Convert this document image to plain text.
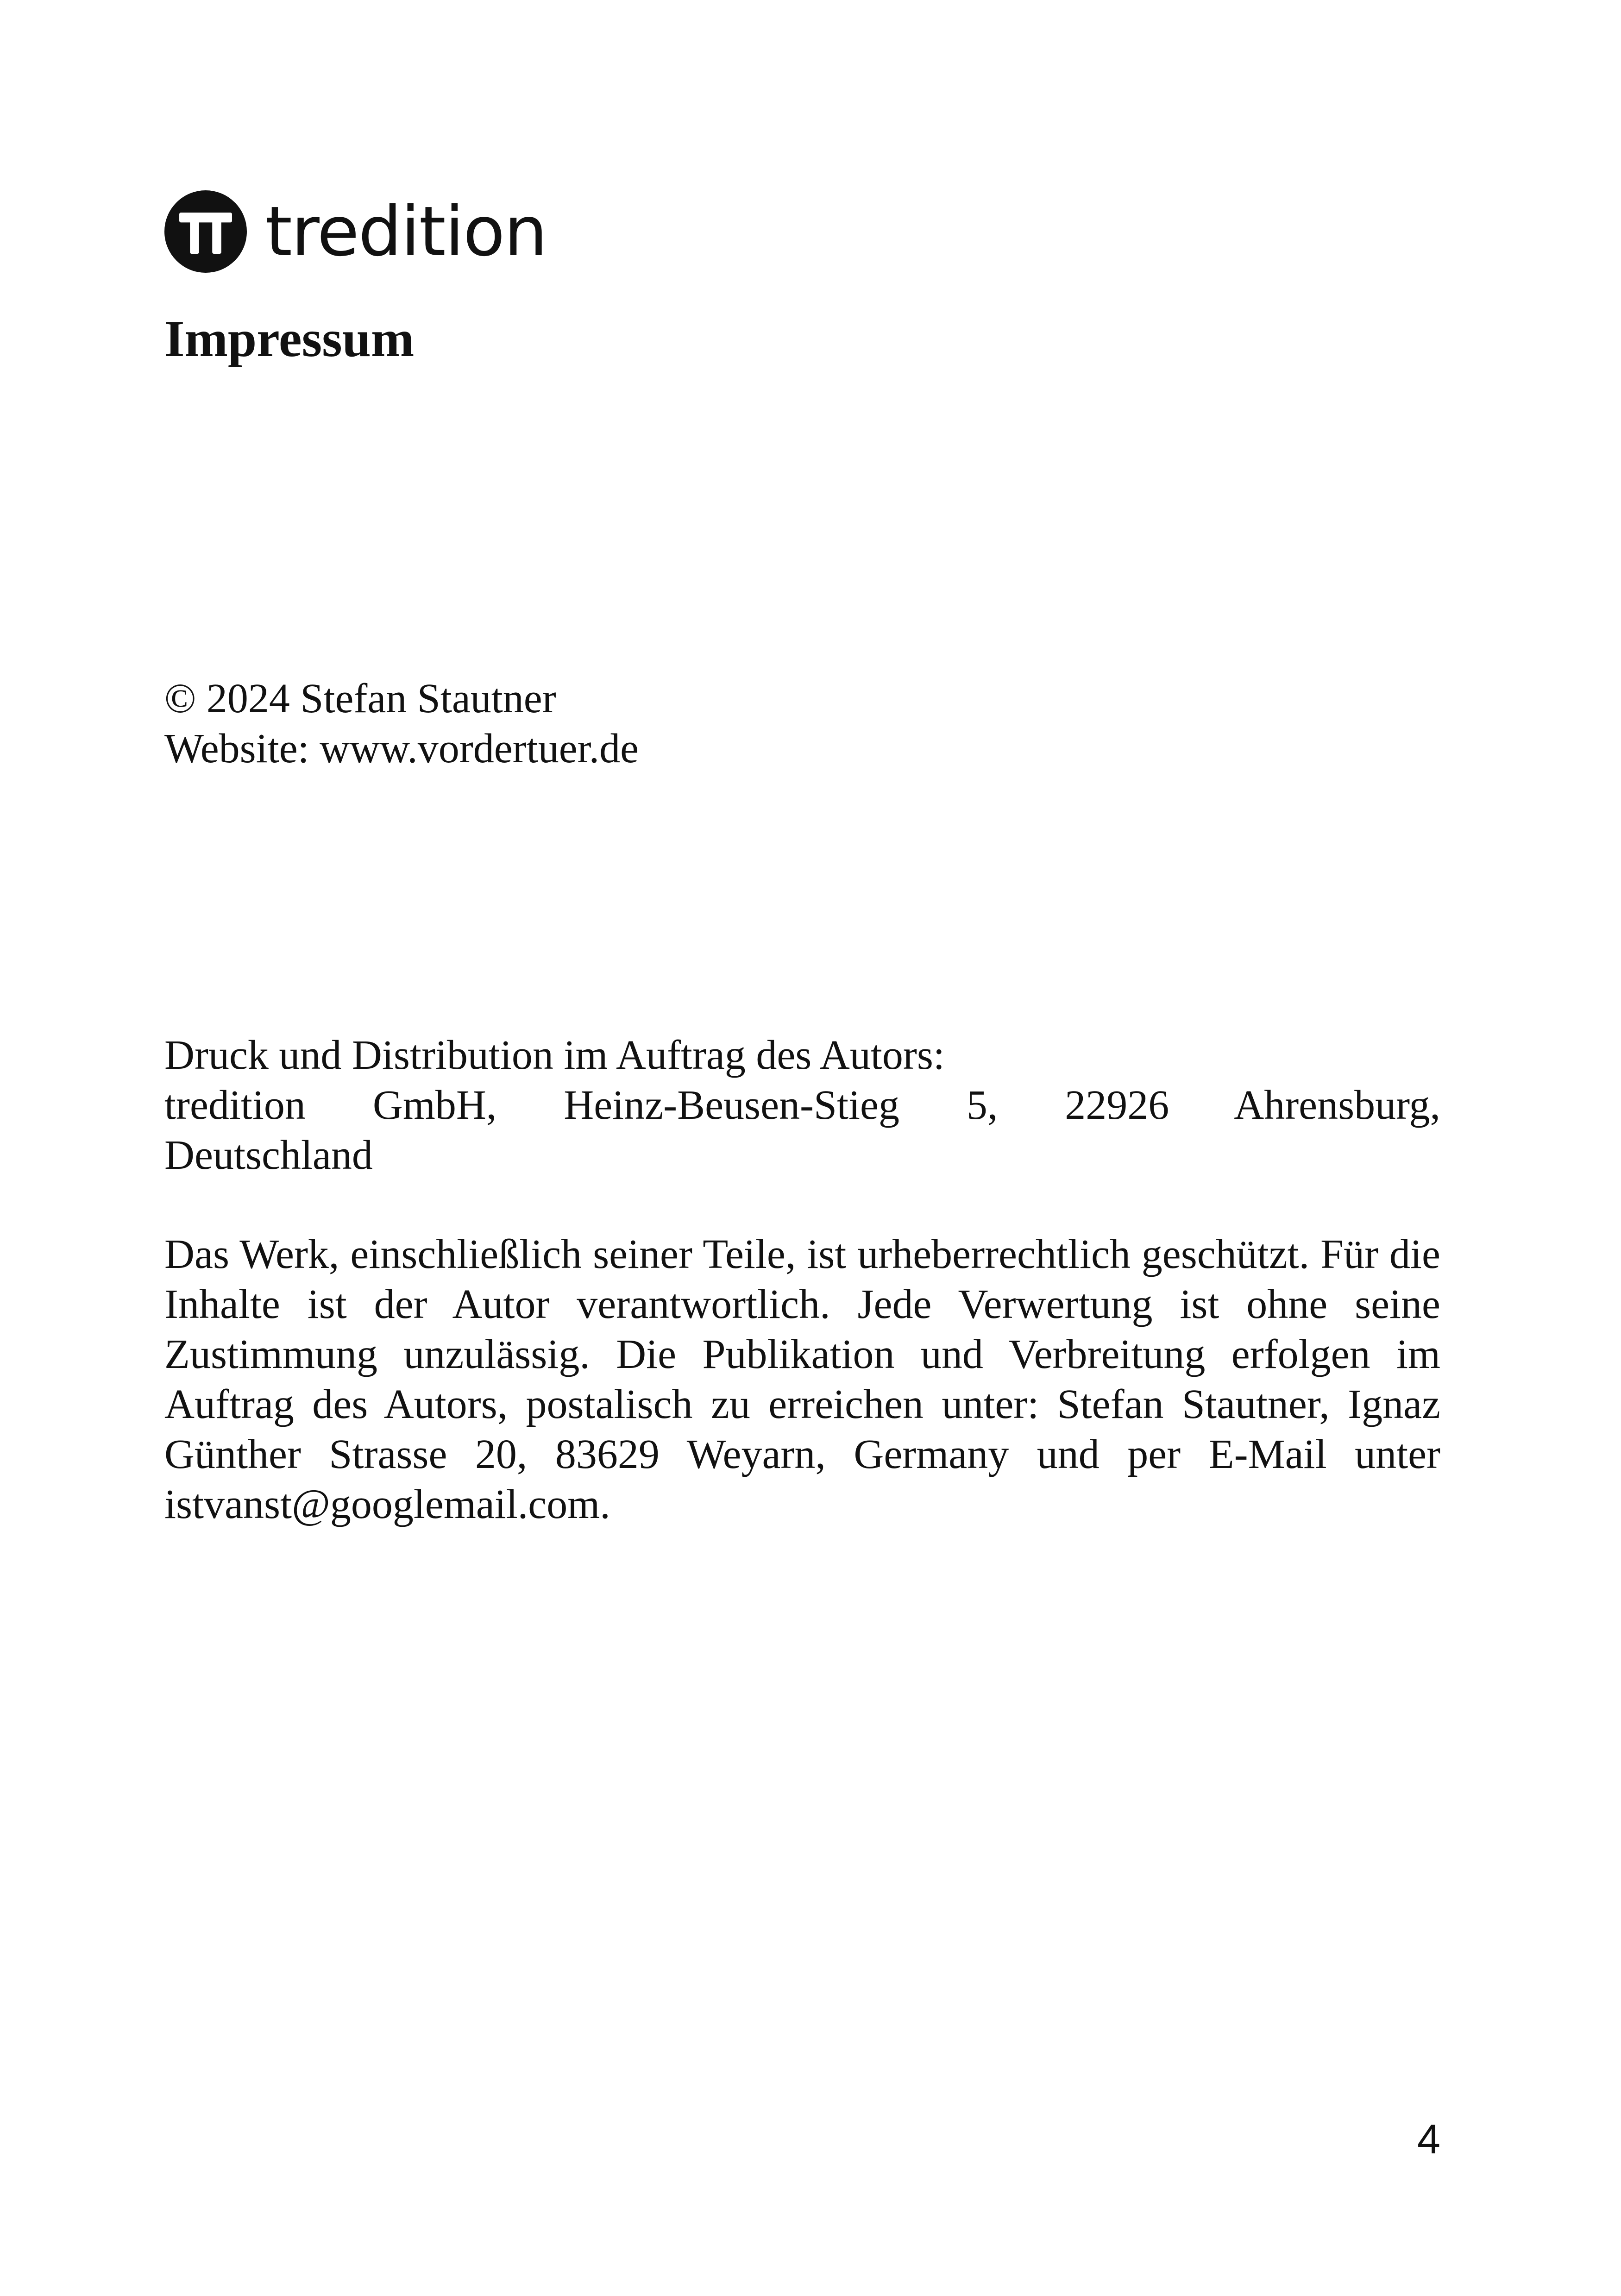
tredition
Impressum

© 2024 Stefan Stautner

Website: www.vordertuer.de

Druck und Distribution im Auftrag des Autors:

tredition GmbH, Heinz-Beusen-Stieg 5, 22926 Ahrensburg,

Deutschland

Das Werk, einschließlich seiner Teile, ist urheberrechtlich geschützt. Für die Inhalte ist der Autor verantwortlich. Jede Verwertung ist ohne seine Zustimmung unzulässig. Die Publikation und Verbreitung erfolgen im Auftrag des Autors, postalisch zu erreichen unter: Stefan Stautner, Ignaz Günther Strasse 20, 83629 Weyarn, Germany und per E-Mail unter istvanst@googlemail.com.

4
